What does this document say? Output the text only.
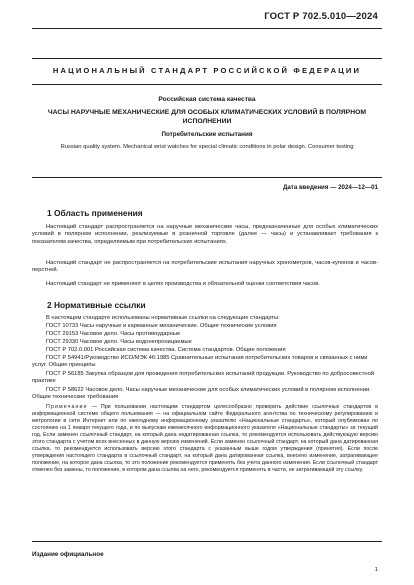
ГОСТ Р 702.5.010—2024
НАЦИОНАЛЬНЫЙ СТАНДАРТ РОССИЙСКОЙ ФЕДЕРАЦИИ
Российская система качества
ЧАСЫ НАРУЧНЫЕ МЕХАНИЧЕСКИЕ ДЛЯ ОСОБЫХ КЛИМАТИЧЕСКИХ УСЛОВИЙ В ПОЛЯРНОМ ИСПОЛНЕНИИ
Потребительские испытания
Russian quality system. Mechanical wrist watches for special climatic conditions in polar design. Consumer testing
Дата введения — 2024—12—01
1 Область применения
Настоящий стандарт распространяется на наручные механические часы, предназначенные для особых климатических условий в полярном исполнении, реализуемые в розничной торговле (далее — часы) и устанавливает требования к показателям качества, определяемым при потребительских испытаниях.
Настоящий стандарт не распространяется на потребительские испытания наручных хронометров, часов-купонов и часов-перстней.
Настоящий стандарт не применяют в целях производства и обязательной оценки соответствия часов.
2 Нормативные ссылки
В настоящем стандарте использованы нормативные ссылки на следующие стандарты:
ГОСТ 10733 Часы наручные и карманные механические. Общие технические условия
ГОСТ 29153 Часовое дело. Часы противоударные
ГОСТ 29330 Часовое дело. Часы водонепроницаемые
ГОСТ Р 702.0.001 Российская система качества. Система стандартов. Общие положения
ГОСТ Р 54941/Руководство ИСО/МЭК 46:1985 Сравнительные испытания потребительских товаров и связанных с ними услуг. Общие принципы
ГОСТ Р 56185 Закупка образцов для проведения потребительских испытаний продукции. Руководство по добросовестной практике
ГОСТ Р 58622 Часовое дело. Часы наручные механические для особых климатических условий в полярном исполнении. Общие технические требования
Примечание — При пользовании настоящим стандартом целесообразно проверить действие ссылочных стандартов в информационной системе общего пользования — на официальном сайте Федерального агентства по техническому регулированию и метрологии в сети Интернет или по ежегодному информационному указателю «Национальные стандарты», который опубликован по состоянию на 1 января текущего года, и по выпускам ежемесячного информационного указателя «Национальные стандарты» за текущий год. Если заменен ссылочный стандарт, на который дана недатированная ссылка, то рекомендуется использовать действующую версию этого стандарта с учетом всех внесенных в данную версию изменений. Если заменен ссылочный стандарт, на который дана датированная ссылка, то рекомендуется использовать версию этого стандарта с указанным выше годом утверждения (принятия). Если после утверждения настоящего стандарта в ссылочный стандарт, на который дана датированная ссылка, внесено изменение, затрагивающее положение, на которое дана ссылка, то это положение рекомендуется применять без учета данного изменения. Если ссылочный стандарт отменен без замены, то положение, в котором дана ссылка на него, рекомендуется применять в части, не затрагивающей эту ссылку.
Издание официальное
1
